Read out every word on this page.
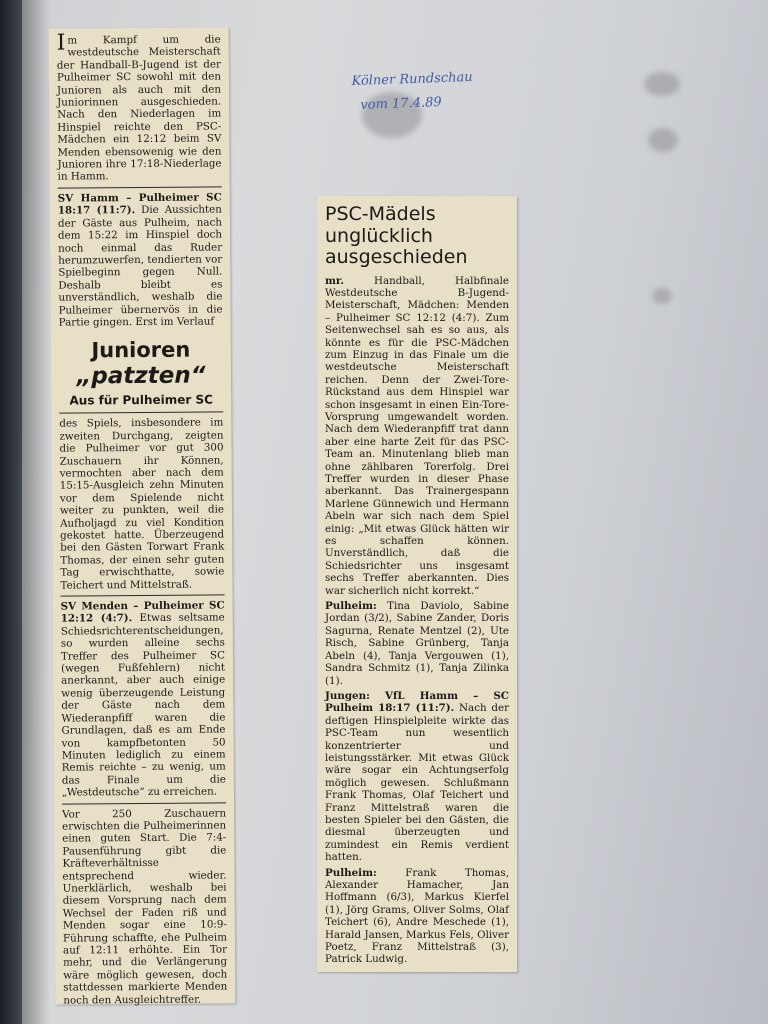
Kölner Rundschau
vom 17.4.89
Im Kampf um die westdeutsche Meisterschaft der Handball-B-Jugend ist der Pulheimer SC sowohl mit den Junioren als auch mit den Juniorinnen ausgeschieden. Nach den Niederlagen im Hinspiel reichte den PSC-Mädchen ein 12:12 beim SV Menden ebensowenig wie den Junioren ihre 17:18-Niederlage in Hamm.
SV Hamm – Pulheimer SC 18:17 (11:7). Die Aussichten der Gäste aus Pulheim, nach dem 15:22 im Hinspiel doch noch einmal das Ruder herumzuwerfen, tendierten vor Spielbeginn gegen Null. Deshalb bleibt es unverständlich, weshalb die Pulheimer übernervös in die Partie gingen. Erst im Verlauf
Junioren
„patzten“
Aus für Pulheimer SC
des Spiels, insbesondere im zweiten Durchgang, zeigten die Pulheimer vor gut 300 Zuschauern ihr Können, vermochten aber nach dem 15:15-Ausgleich zehn Minuten vor dem Spielende nicht weiter zu punkten, weil die Aufholjagd zu viel Kondition gekostet hatte. Überzeugend bei den Gästen Torwart Frank Thomas, der einen sehr guten Tag erwischthatte, sowie Teichert und Mittelstraß.
SV Menden – Pulheimer SC 12:12 (4:7). Etwas seltsame Schiedsrichterentscheidungen, so wurden alleine sechs Treffer des Pulheimer SC (wegen Fußfehlern) nicht anerkannt, aber auch einige wenig überzeugende Leistung der Gäste nach dem Wiederanpfiff waren die Grundlagen, daß es am Ende von kampfbetonten 50 Minuten lediglich zu einem Remis reichte – zu wenig, um das Finale um die „Westdeutsche“ zu erreichen.
Vor 250 Zuschauern erwischten die Pulheimerinnen einen guten Start. Die 7:4-Pausenführung gibt die Kräfteverhältnisse entsprechend wieder. Unerklärlich, weshalb bei diesem Vorsprung nach dem Wechsel der Faden riß und Menden sogar eine 10:9-Führung schaffte, ehe Pulheim auf 12:11 erhöhte. Ein Tor mehr, und die Verlängerung wäre möglich gewesen, doch stattdessen markierte Menden noch den Ausgleichtreffer.
PSC-Mädels unglücklich ausgeschieden
mr. Handball, Halbfinale Westdeutsche B-Jugend-Meisterschaft, Mädchen: Menden – Pulheimer SC 12:12 (4:7). Zum Seitenwechsel sah es so aus, als könnte es für die PSC-Mädchen zum Einzug in das Finale um die westdeutsche Meisterschaft reichen. Denn der Zwei-Tore-Rückstand aus dem Hinspiel war schon insgesamt in einen Ein-Tore-Vorsprung umgewandelt worden. Nach dem Wiederanpfiff trat dann aber eine harte Zeit für das PSC-Team an. Minutenlang blieb man ohne zählbaren Torerfolg. Drei Treffer wurden in dieser Phase aberkannt. Das Trainergespann Marlene Günnewich und Hermann Abeln war sich nach dem Spiel einig: „Mit etwas Glück hätten wir es schaffen können. Unverständlich, daß die Schiedsrichter uns insgesamt sechs Treffer aberkannten. Dies war sicherlich nicht korrekt.“
Pulheim: Tina Daviolo, Sabine Jordan (3/2), Sabine Zander, Doris Sagurna, Renate Mentzel (2), Ute Risch, Sabine Grünberg, Tanja Abeln (4), Tanja Vergouwen (1), Sandra Schmitz (1), Tanja Zilinka (1).
Jungen: VfL Hamm – SC Pulheim 18:17 (11:7). Nach der deftigen Hinspielpleite wirkte das PSC-Team nun wesentlich konzentrierter und leistungsstärker. Mit etwas Glück wäre sogar ein Achtungserfolg möglich gewesen. Schlußmann Frank Thomas, Olaf Teichert und Franz Mittelstraß waren die besten Spieler bei den Gästen, die diesmal überzeugten und zumindest ein Remis verdient hatten.
Pulheim: Frank Thomas, Alexander Hamacher, Jan Hoffmann (6/3), Markus Kierfel (1), Jörg Grams, Oliver Solms, Olaf Teichert (6), Andre Meschede (1), Harald Jansen, Markus Fels, Oliver Poetz, Franz Mittelstraß (3), Patrick Ludwig.
